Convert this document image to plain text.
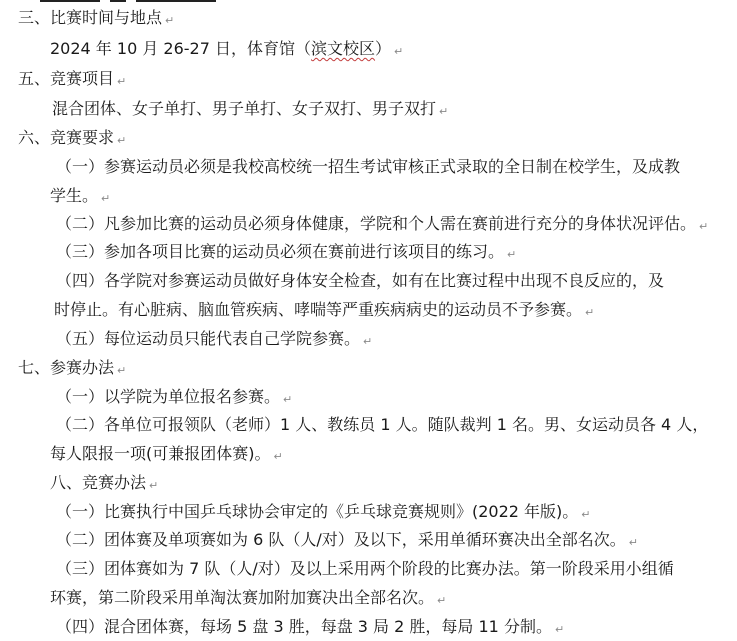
三、比赛时间与地点 ↵
2024 年 10 月 26-27 日，体育馆（滨文校区） ↵
五、竞赛项目 ↵
混合团体、女子单打、男子单打、女子双打、男子双打 ↵
六、竞赛要求 ↵
（一）参赛运动员必须是我校高校统一招生考试审核正式录取的全日制在校学生，及成教
学生。 ↵
（二）凡参加比赛的运动员必须身体健康，学院和个人需在赛前进行充分的身体状况评估。 ↵
（三）参加各项目比赛的运动员必须在赛前进行该项目的练习。 ↵
（四）各学院对参赛运动员做好身体安全检查，如有在比赛过程中出现不良反应的，及
时停止。有心脏病、脑血管疾病、哮喘等严重疾病病史的运动员不予参赛。 ↵
（五）每位运动员只能代表自己学院参赛。 ↵
七、参赛办法 ↵
（一）以学院为单位报名参赛。 ↵
（二）各单位可报领队（老师）1 人、教练员 1 人。随队裁判 1 名。男、女运动员各 4 人，
每人限报一项(可兼报团体赛)。 ↵
八、竞赛办法 ↵
（一）比赛执行中国乒乓球协会审定的《乒乓球竞赛规则》(2022 年版)。 ↵
（二）团体赛及单项赛如为 6 队（人/对）及以下，采用单循环赛决出全部名次。 ↵
（三）团体赛如为 7 队（人/对）及以上采用两个阶段的比赛办法。第一阶段采用小组循
环赛，第二阶段采用单淘汰赛加附加赛决出全部名次。 ↵
（四）混合团体赛，每场 5 盘 3 胜，每盘 3 局 2 胜，每局 11 分制。 ↵
